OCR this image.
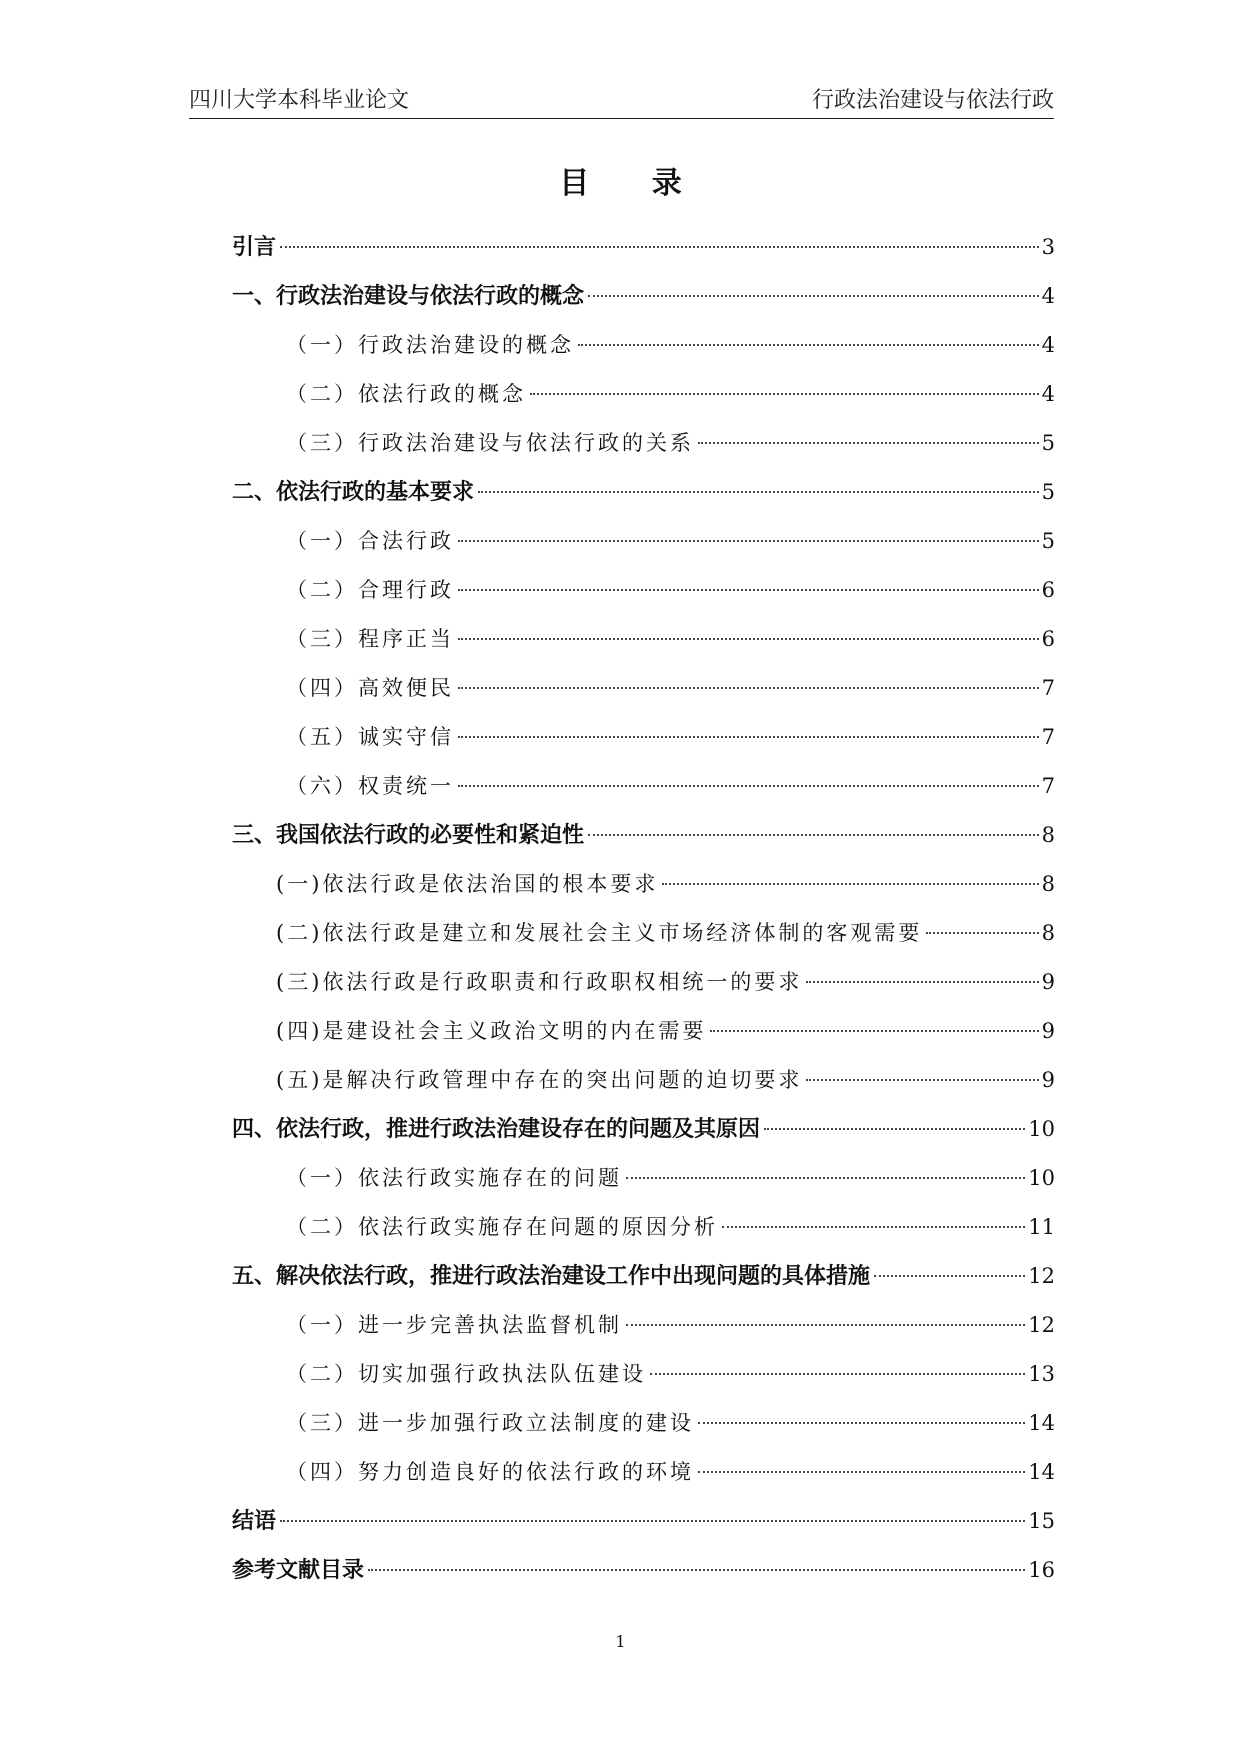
四川大学本科毕业论文	行政法治建设与依法行政
目 录
引言	3
一、行政法治建设与依法行政的概念	4
（一）行政法治建设的概念	4
（二）依法行政的概念	4
（三）行政法治建设与依法行政的关系	5
二、依法行政的基本要求	5
（一）合法行政	5
（二）合理行政	6
（三）程序正当	6
（四）高效便民	7
（五）诚实守信	7
（六）权责统一	7
三、我国依法行政的必要性和紧迫性	8
(一)依法行政是依法治国的根本要求	8
(二)依法行政是建立和发展社会主义市场经济体制的客观需要	8
(三)依法行政是行政职责和行政职权相统一的要求	9
(四)是建设社会主义政治文明的内在需要	9
(五)是解决行政管理中存在的突出问题的迫切要求	9
四、依法行政，推进行政法治建设存在的问题及其原因	10
（一）依法行政实施存在的问题	10
（二）依法行政实施存在问题的原因分析	11
五、解决依法行政，推进行政法治建设工作中出现问题的具体措施	12
（一）进一步完善执法监督机制	12
（二）切实加强行政执法队伍建设	13
（三）进一步加强行政立法制度的建设	14
（四）努力创造良好的依法行政的环境	14
结语	15
参考文献目录	16
1
